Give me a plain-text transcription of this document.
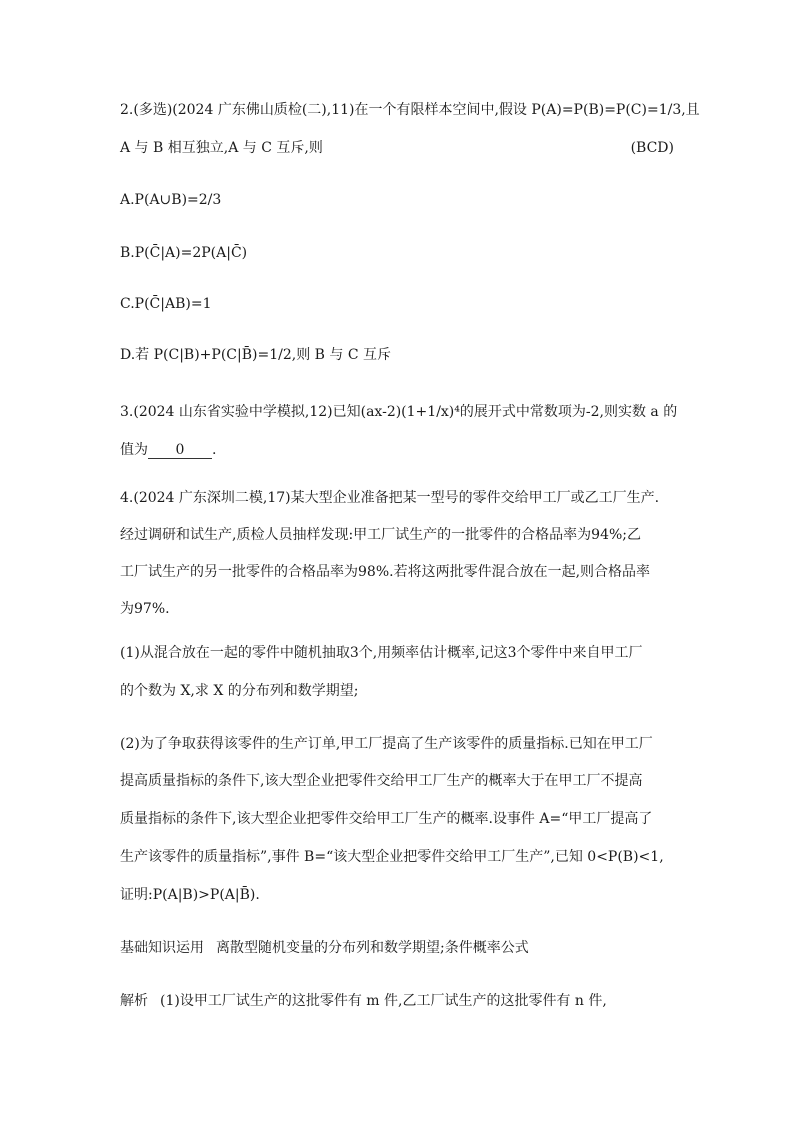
2.(多选)(2024 广东佛山质检(二),11)在一个有限样本空间中,假设 P(A)=P(B)=P(C)=1/3,且
A 与 B 相互独立,A 与 C 互斥,则	(BCD)
A.P(A∪B)=2/3
B.P(C̄|A)=2P(A|C̄)
C.P(C̄|AB)=1
D.若 P(C|B)+P(C|B̄)=1/2,则 B 与 C 互斥
3.(2024 山东省实验中学模拟,12)已知(ax-2)(1+1/x)⁴的展开式中常数项为-2,则实数 a 的
值为 0 .
4.(2024 广东深圳二模,17)某大型企业准备把某一型号的零件交给甲工厂或乙工厂生产.
经过调研和试生产,质检人员抽样发现:甲工厂试生产的一批零件的合格品率为94%;乙
工厂试生产的另一批零件的合格品率为98%.若将这两批零件混合放在一起,则合格品率
为97%.
(1)从混合放在一起的零件中随机抽取3个,用频率估计概率,记这3个零件中来自甲工厂
的个数为 X,求 X 的分布列和数学期望;
(2)为了争取获得该零件的生产订单,甲工厂提高了生产该零件的质量指标.已知在甲工厂
提高质量指标的条件下,该大型企业把零件交给甲工厂生产的概率大于在甲工厂不提高
质量指标的条件下,该大型企业把零件交给甲工厂生产的概率.设事件 A=“甲工厂提高了
生产该零件的质量指标”,事件 B=“该大型企业把零件交给甲工厂生产”,已知 0<P(B)<1,
证明:P(A|B)>P(A|B̄).
基础知识运用 离散型随机变量的分布列和数学期望;条件概率公式
解析 (1)设甲工厂试生产的这批零件有 m 件,乙工厂试生产的这批零件有 n 件,
